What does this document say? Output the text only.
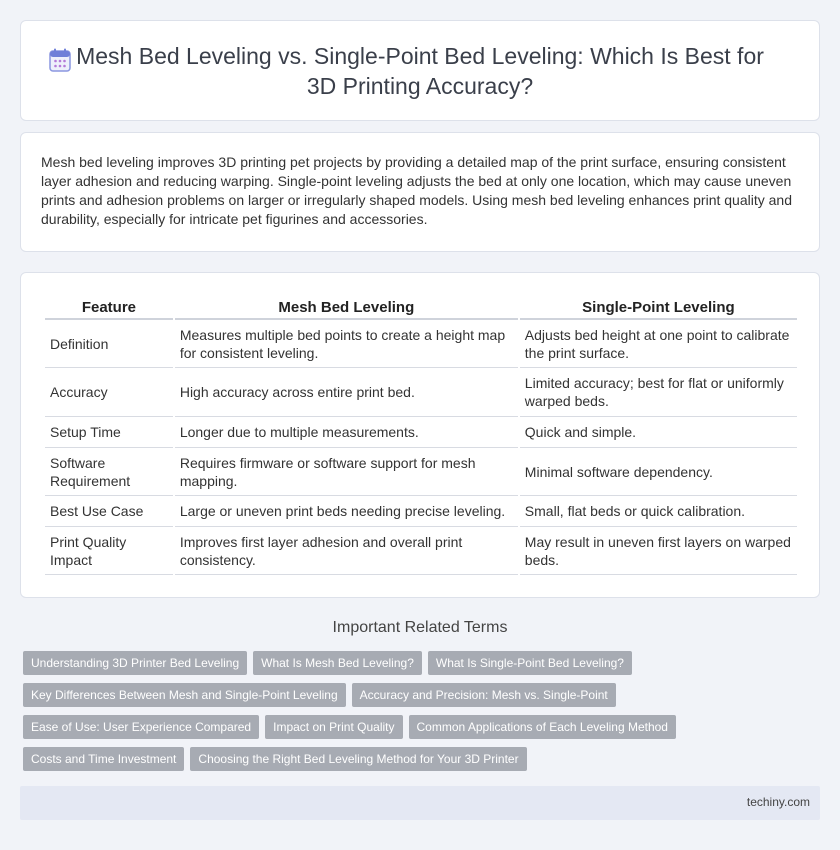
Mesh Bed Leveling vs. Single-Point Bed Leveling: Which Is Best for 3D Printing Accuracy?

Mesh bed leveling improves 3D printing pet projects by providing a detailed map of the print surface, ensuring consistent layer adhesion and reducing warping. Single-point leveling adjusts the bed at only one location, which may cause uneven prints and adhesion problems on larger or irregularly shaped models. Using mesh bed leveling enhances print quality and durability, especially for intricate pet figurines and accessories.

Feature	Mesh Bed Leveling	Single-Point Leveling
Definition	Measures multiple bed points to create a height map for consistent leveling.	Adjusts bed height at one point to calibrate the print surface.
Accuracy	High accuracy across entire print bed.	Limited accuracy; best for flat or uniformly warped beds.
Setup Time	Longer due to multiple measurements.	Quick and simple.
Software Requirement	Requires firmware or software support for mesh mapping.	Minimal software dependency.
Best Use Case	Large or uneven print beds needing precise leveling.	Small, flat beds or quick calibration.
Print Quality Impact	Improves first layer adhesion and overall print consistency.	May result in uneven first layers on warped beds.
Important Related Terms
Understanding 3D Printer Bed Leveling	What Is Mesh Bed Leveling?	What Is Single-Point Bed Leveling?
Key Differences Between Mesh and Single-Point Leveling	Accuracy and Precision: Mesh vs. Single-Point
Ease of Use: User Experience Compared	Impact on Print Quality	Common Applications of Each Leveling Method
Costs and Time Investment	Choosing the Right Bed Leveling Method for Your 3D Printer
techiny.com
